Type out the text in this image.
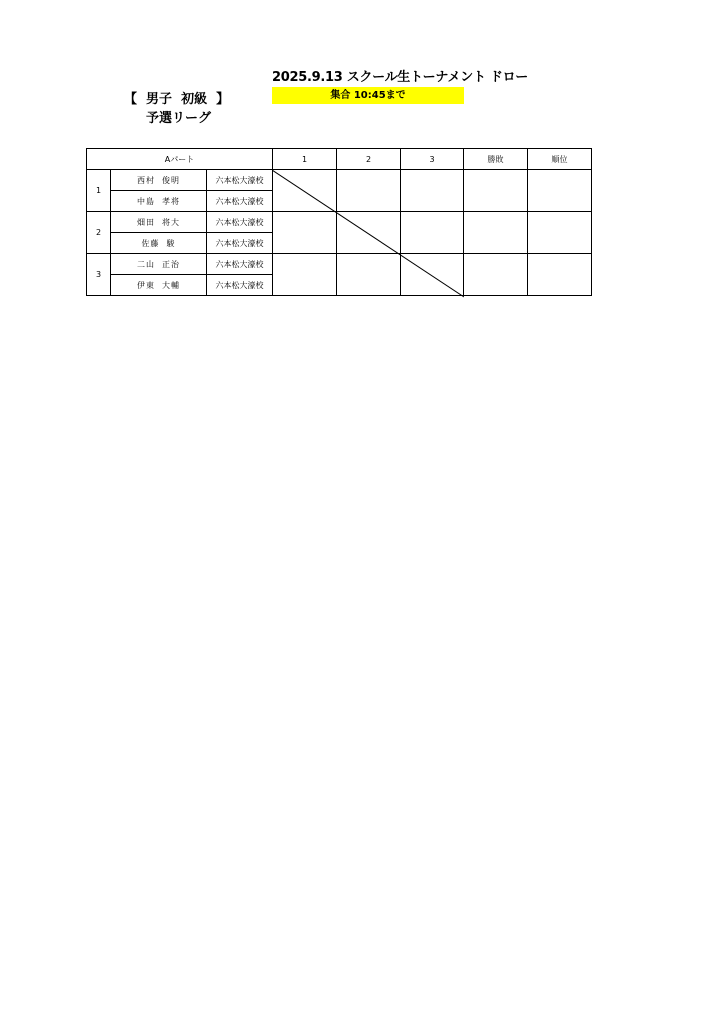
2025.9.13 スクール生トーナメント ドロー
【  男子  初級  】	集合 10:45まで
予選リーグ
Aパート			1	2	3	勝敗	順位
1	西村  俊明	六本松大濠校					
	中島  孝将	六本松大濠校					
2	畑田  将大	六本松大濠校					
	佐藤  駿	六本松大濠校					
3	二山  正治	六本松大濠校					
	伊東  大輔	六本松大濠校					
